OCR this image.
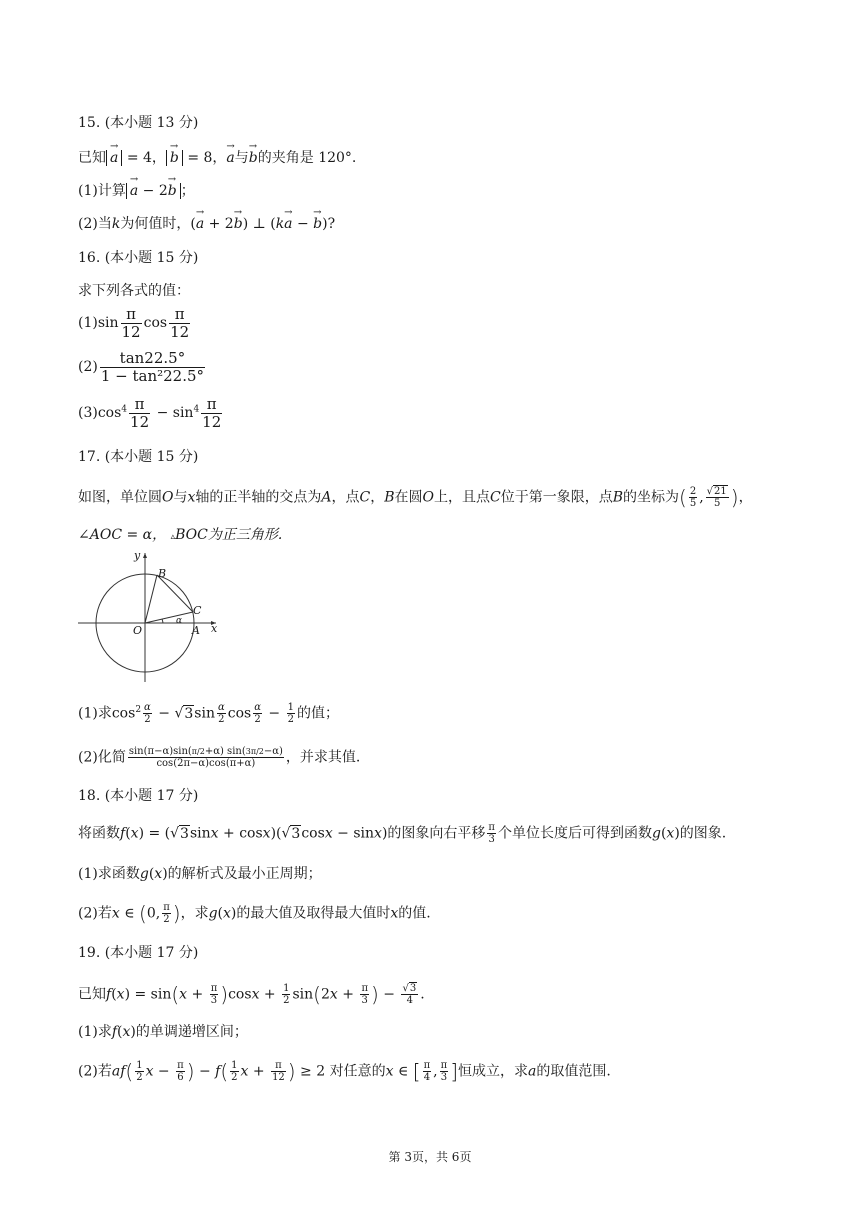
15. (本小题 13 分)
已知 → a = 4， → b = 8，→ a与→ b的夹角是 120°.
(1)计算 → a − 2→ b ；
(2)当k为何值时，(→ a + 2→ b) ⊥ (k→ a − → b)?
16. (本小题 15 分)
求下列各式的值：
$(1)\sin \frac{\pi}{12}$ $\cos \frac{\pi}{12}$
$(2) \frac{\tan 22.5^\circ}{\text{1 − tan²22.5°}}$
$(3)\cos^4 \frac{\pi}{12} - \sin^4 \frac{\pi}{12}$
17. (本小题 15 分)
如图，单位圆O与x轴的正半轴的交点为A，点C，B在圆O上，且点C位于第一象限，点B的坐标为( $\frac{2}{5}$ , $\frac{√21}{5}$ )，
∠AOC = α， ▵BOC为正三角形.
y
B
C
O	A x
α
(1)求$\cos^2 \frac{\alpha}{2} - √3\sin \frac{\alpha}{2}$ $\cos \frac{\alpha}{2} - \frac{1}{2}$ 的值；
(2)化简 $\frac{\sin(\pi-\alpha)\sin(\pi/2+\alpha) \sin(3\pi/2-\alpha)}{\cos(2\pi-\alpha)\cos(\pi+\alpha)}$ ，并求其值.
18. (本小题 17 分)
将函数f(x) = (√3sinx + cosx)(√3cosx − sinx)的图象向右平移 $\frac{\pi}{3}$ 个单位长度后可得到函数g(x)的图象.
(1)求函数g(x)的解析式及最小正周期；
(2)若x ∈ (0, $\frac{\pi}{2}$ )，求g(x)的最大值及取得最大值时x的值.
19. (本小题 17 分)
已知$f(x) = \sin(x + \frac{\pi}{3} )\cos x + \frac{1}{2} \sin(2x + \frac{\pi}{3}$ ) − $\frac{√3}{4}$ .
(1)求f(x)的单调递增区间；
(2)若$af( \frac{1}{2}$ $x - \frac{\pi}{6}$ ) − $f( \frac{1}{2}$ $x + \frac{\pi}{12}$ ) ≥ 2 对任意的x ∈ [ $\frac{\pi}{4}$ , $\frac{\pi}{3}$ ]恒成立，求a的取值范围.
第 3页，共 6页
